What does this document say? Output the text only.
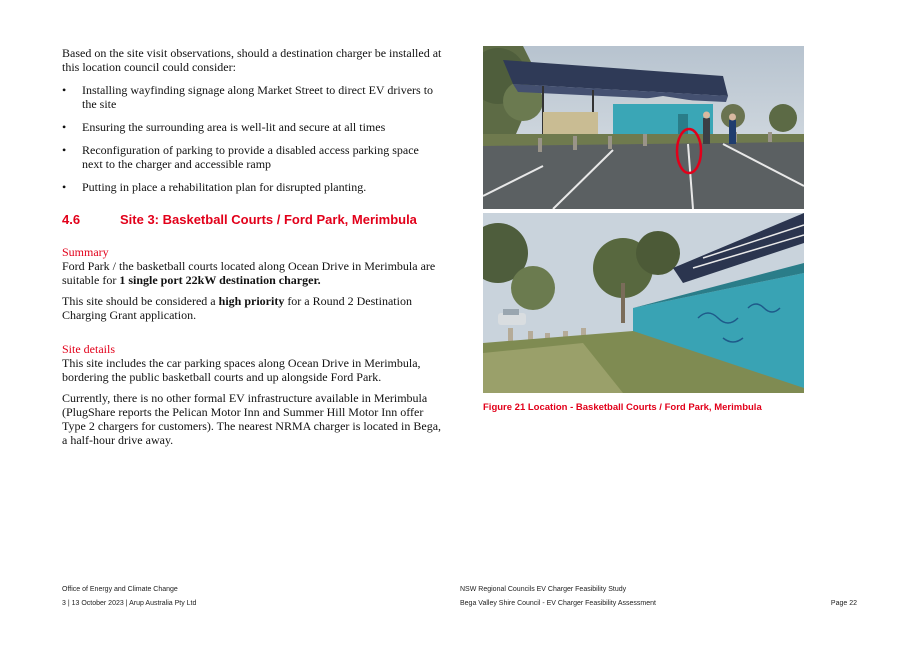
Based on the site visit observations, should a destination charger be installed at this location council could consider:
• Installing wayfinding signage along Market Street to direct EV drivers to the site
• Ensuring the surrounding area is well-lit and secure at all times
• Reconfiguration of parking to provide a disabled access parking space next to the charger and accessible ramp
• Putting in place a rehabilitation plan for disrupted planting.
4.6	Site 3: Basketball Courts / Ford Park, Merimbula
Summary
Ford Park / the basketball courts located along Ocean Drive in Merimbula are suitable for 1 single port 22kW destination charger.
This site should be considered a high priority for a Round 2 Destination Charging Grant application.
Site details
This site includes the car parking spaces along Ocean Drive in Merimbula, bordering the public basketball courts and up alongside Ford Park.
Currently, there is no other formal EV infrastructure available in Merimbula (PlugShare reports the Pelican Motor Inn and Summer Hill Motor Inn offer Type 2 chargers for customers). The nearest NRMA charger is located in Bega, a half-hour drive away.
Figure 21 Location - Basketball Courts / Ford Park, Merimbula
Office of Energy and Climate Change
3 | 13 October 2023 | Arup Australia Pty Ltd
NSW Regional Councils EV Charger Feasibility Study
Bega Valley Shire Council - EV Charger Feasibility Assessment	Page 22
